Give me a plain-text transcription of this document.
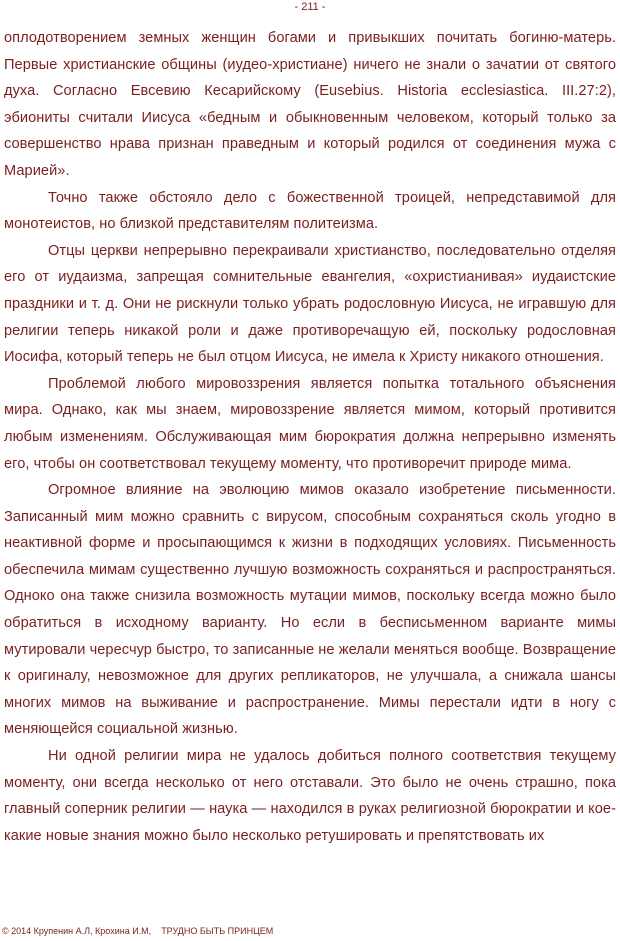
- 211 -

оплодотворением земных женщин богами и привыкших почитать богиню-матерь. Первые христианские общины (иудео-христиане) ничего не знали о зачатии от святого духа. Согласно Евсевию Кесарийскому (Eusebius. Historia ecclesiastica. III.27:2), эбиониты считали Иисуса «бедным и обыкновенным человеком, который только за совершенство нрава признан праведным и который родился от соединения мужа с Марией».

Точно также обстояло дело с божественной троицей, непредставимой для монотеистов, но близкой представителям политеизма.

Отцы церкви непрерывно перекраивали христианство, последовательно отделяя его от иудаизма, запрещая сомнительные евангелия, «охристианивая» иудаистские праздники и т. д. Они не рискнули только убрать родословную Иисуса, не игравшую для религии теперь никакой роли и даже противоречащую ей, поскольку родословная Иосифа, который теперь не был отцом Иисуса, не имела к Христу никакого отношения.

Проблемой любого мировоззрения является попытка тотального объяснения мира. Однако, как мы знаем, мировоззрение является мимом, который противится любым изменениям. Обслуживающая мим бюрократия должна непрерывно изменять его, чтобы он соответствовал текущему моменту, что противоречит природе мима.

Огромное влияние на эволюцию мимов оказало изобретение письменности. Записанный мим можно сравнить с вирусом, способным сохраняться сколь угодно в неактивной форме и просыпающимся к жизни в подходящих условиях. Письменность обеспечила мимам существенно лучшую возможность сохраняться и распространяться. Одноко она также снизила возможность мутации мимов, поскольку всегда можно было обратиться в исходному варианту. Но если в бесписьменном варианте мимы мутировали чересчур быстро, то записанные не желали меняться вообще. Возвращение к оригиналу, невозможное для других репликаторов, не улучшала, а снижала шансы многих мимов на выживание и распространение. Мимы перестали идти в ногу с меняющейся социальной жизнью.

Ни одной религии мира не удалось добиться полного соответствия текущему моменту, они всегда несколько от него отставали. Это было не очень страшно, пока главный соперник религии — наука — находился в руках религиозной бюрократии и кое-какие новые знания можно было несколько ретушировать и препятствовать их

© 2014 Крупенин А.Л, Крохина И.М, ТРУДНО БЫТЬ ПРИНЦЕМ
